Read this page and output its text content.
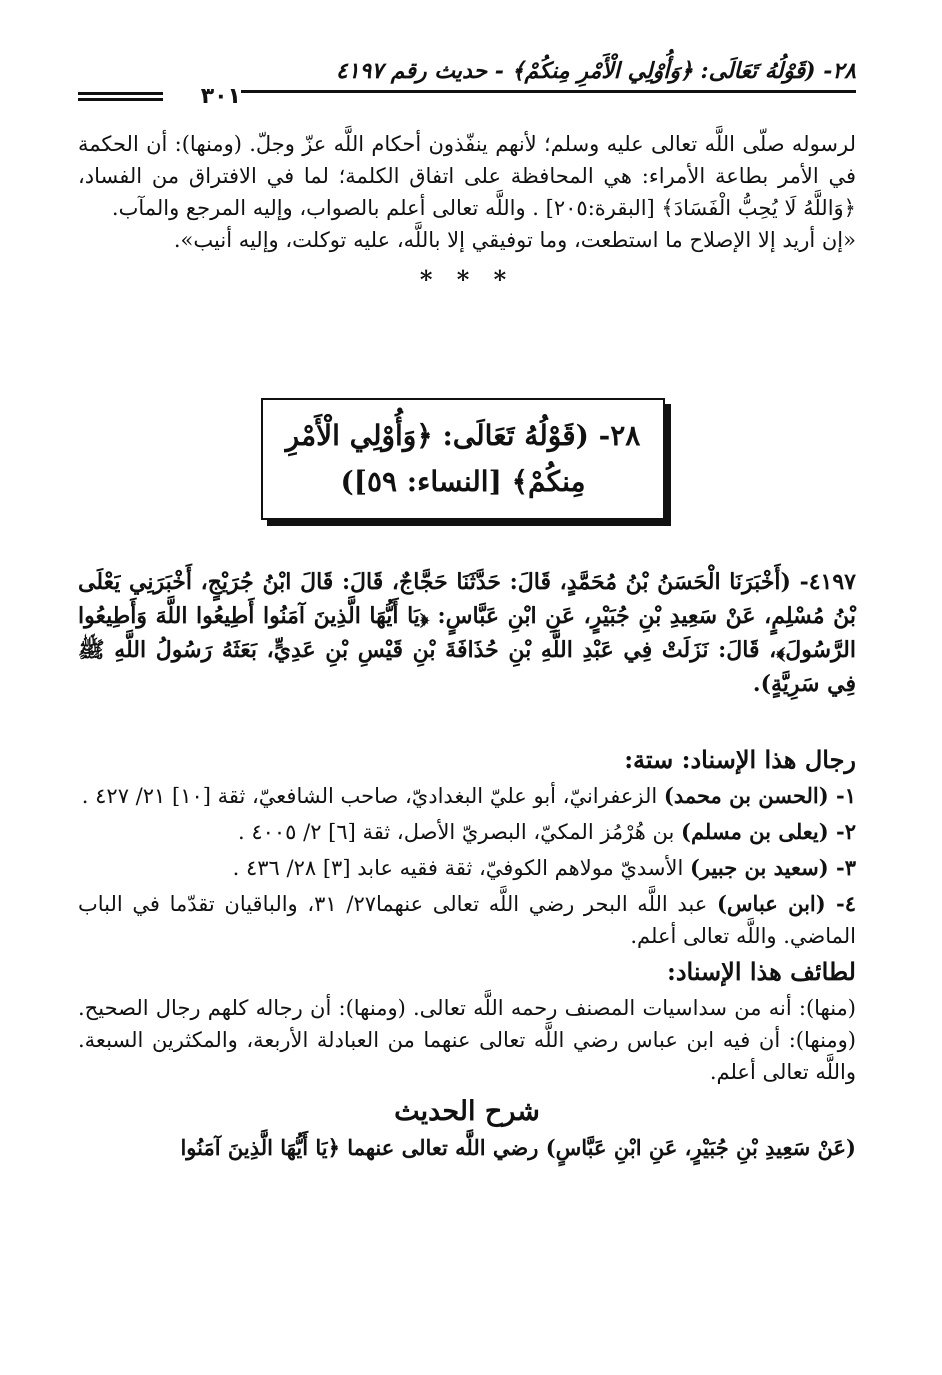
٢٨- (قَوْلُهُ تَعَالَى: ﴿وَأُوْلِي الْأَمْرِ مِنكُمْ﴾ - حديث رقم ٤١٩٧
٣٠١

لرسوله صلّى اللَّه تعالى عليه وسلم؛ لأنهم ينفّذون أحكام اللَّه عزّ وجلّ. (ومنها): أن الحكمة في الأمر بطاعة الأمراء: هي المحافظة على اتفاق الكلمة؛ لما في الافتراق من الفساد، ﴿وَاللَّهُ لَا يُحِبُّ الْفَسَادَ﴾ [البقرة:٢٠٥] . واللَّه تعالى أعلم بالصواب، وإليه المرجع والمآب.

«إن أريد إلا الإصلاح ما استطعت، وما توفيقي إلا باللَّه، عليه توكلت، وإليه أنيب».

* * *

٢٨- (قَوْلُهُ تَعَالَى: ﴿وَأُوْلِي الْأَمْرِ
مِنكُمْ﴾ [النساء: ٥٩])
٤١٩٧- (أَخْبَرَنَا الْحَسَنُ بْنُ مُحَمَّدٍ، قَالَ: حَدَّثَنَا حَجَّاجٌ، قَالَ: قَالَ ابْنُ جُرَيْجٍ، أَخْبَرَنِي يَعْلَى بْنُ مُسْلِمٍ، عَنْ سَعِيدِ بْنِ جُبَيْرٍ، عَنِ ابْنِ عَبَّاسٍ: ﴿يَا أَيُّهَا الَّذِينَ آمَنُوا أَطِيعُوا اللَّهَ وَأَطِيعُوا الرَّسُولَ﴾، قَالَ: نَزَلَتْ فِي عَبْدِ اللَّهِ بْنِ حُذَافَةَ بْنِ قَيْسِ بْنِ عَدِيٍّ، بَعَثَهُ رَسُولُ اللَّهِ ﷺ فِي سَرِيَّةٍ).
رجال هذا الإسناد: ستة:
١- (الحسن بن محمد) الزعفرانيّ، أبو عليّ البغداديّ، صاحب الشافعيّ، ثقة [١٠] ٢١/ ٤٢٧ .
٢- (يعلى بن مسلم) بن هُرْمُز المكيّ، البصريّ الأصل، ثقة [٦] ٢/ ٤٠٠٥ .
٣- (سعيد بن جبير) الأسديّ مولاهم الكوفيّ، ثقة فقيه عابد [٣] ٢٨/ ٤٣٦ .
٤- (ابن عباس) عبد اللَّه البحر رضي اللَّه تعالى عنهما٢٧/ ٣١، والباقيان تقدّما في الباب الماضي. واللَّه تعالى أعلم.
لطائف هذا الإسناد:

(منها): أنه من سداسيات المصنف رحمه اللَّه تعالى. (ومنها): أن رجاله كلهم رجال الصحيح. (ومنها): أن فيه ابن عباس رضي اللَّه تعالى عنهما من العبادلة الأربعة، والمكثرين السبعة. واللَّه تعالى أعلم.

شرح الحديث

(عَنْ سَعِيدِ بْنِ جُبَيْرٍ، عَنِ ابْنِ عَبَّاسٍ) رضي اللَّه تعالى عنهما ﴿يَا أَيُّهَا الَّذِينَ آمَنُوا
